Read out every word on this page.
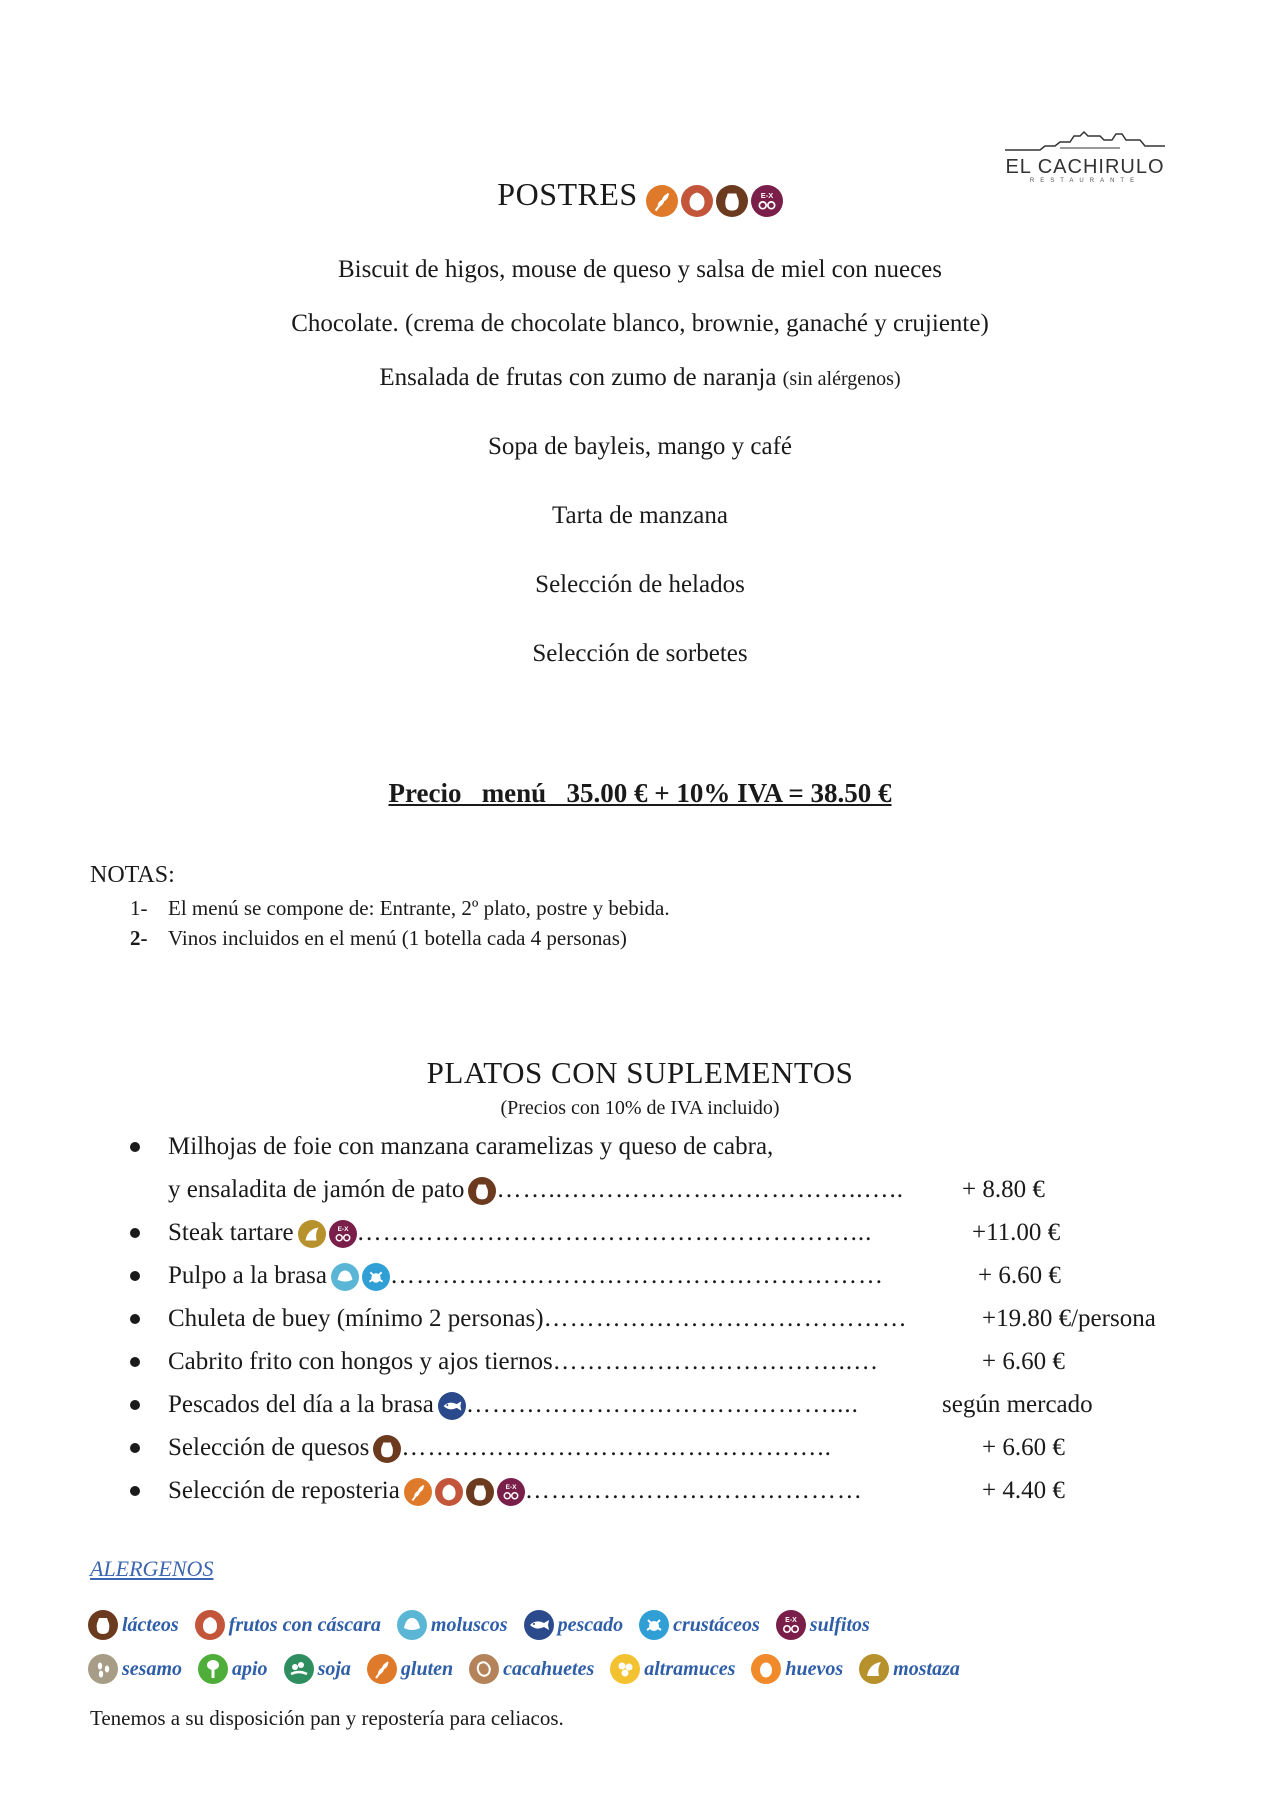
EL CACHIRULO
RESTAURANTE
POSTRES	E-X
Biscuit de higos, mouse de queso y salsa de miel con nueces
Chocolate. (crema de chocolate blanco, brownie, ganaché y crujiente)
Ensalada de frutas con zumo de naranja (sin alérgenos)
Sopa de bayleis, mango y café
Tarta de manzana
Selección de helados
Selección de sorbetes
Precio   menú   35.00 € + 10% IVA = 38.50 €
NOTAS:
1- El menú se compone de: Entrante, 2º plato, postre y bebida.
2- Vinos incluidos en el menú (1 botella cada 4 personas)
PLATOS CON SUPLEMENTOS
(Precios con 10% de IVA incluido)
Milhojas de foie con manzana caramelizas y queso de cabra,
y ensaladita de jamón de pato ……..……………………………..….. + 8.80 €
Steak tartare	E-X …………………………………………………...	+11.00 €
Pulpo a la brasa	…………………………………………………	+ 6.60 €
Chuleta de buey (mínimo 2 personas)……………………………………	+19.80 €/persona
Cabrito frito con hongos y ajos tiernos……………………………..…	+ 6.60 €
Pescados del día a la brasa ……………………………………....	según mercado
Selección de quesos …………………………………………..	+ 6.60 €
Selección de reposteria	E-X …………………………………	+ 4.40 €
ALERGENOS
lácteos	frutos con cáscara	moluscos	pescado	crustáceos	E-X sulfitos
sesamo	apio	soja	gluten	cacahuetes	altramuces	huevos	mostaza
Tenemos a su disposición pan y repostería para celiacos.
